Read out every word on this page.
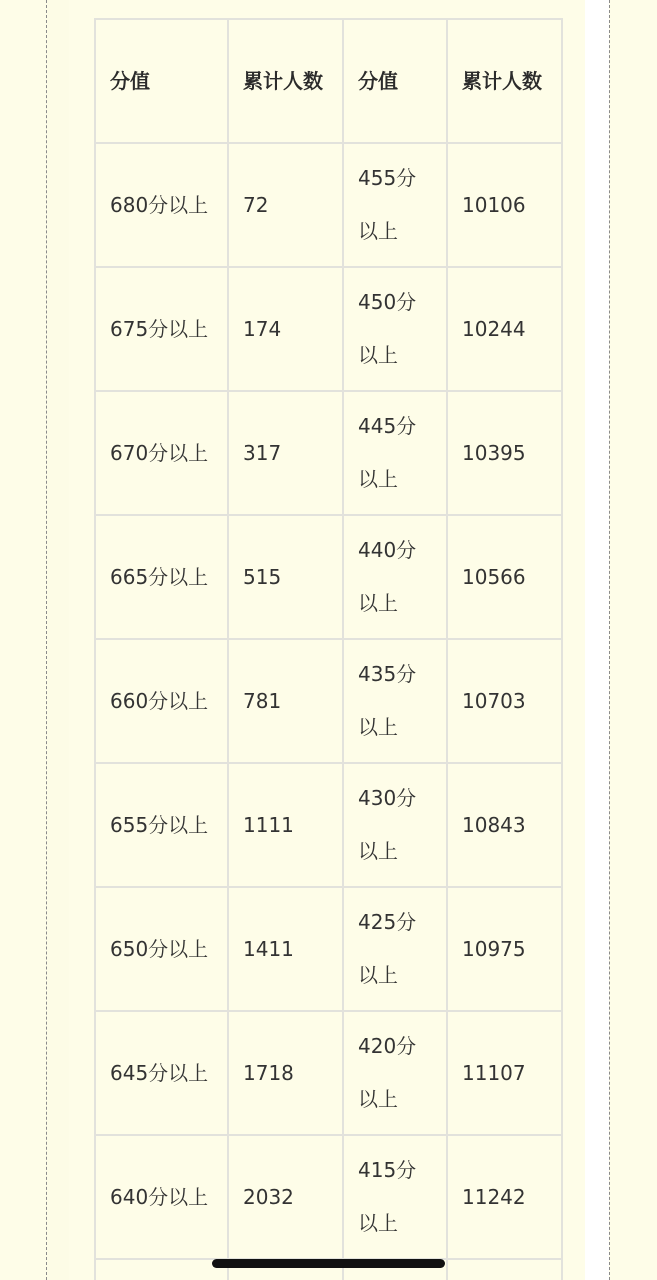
分值	累计人数	分值	累计人数
680分以上	72	455分以上	10106
675分以上	174	450分以上	10244
670分以上	317	445分以上	10395
665分以上	515	440分以上	10566
660分以上	781	435分以上	10703
655分以上	1111	430分以上	10843
650分以上	1411	425分以上	10975
645分以上	1718	420分以上	11107
640分以上	2032	415分以上	11242
